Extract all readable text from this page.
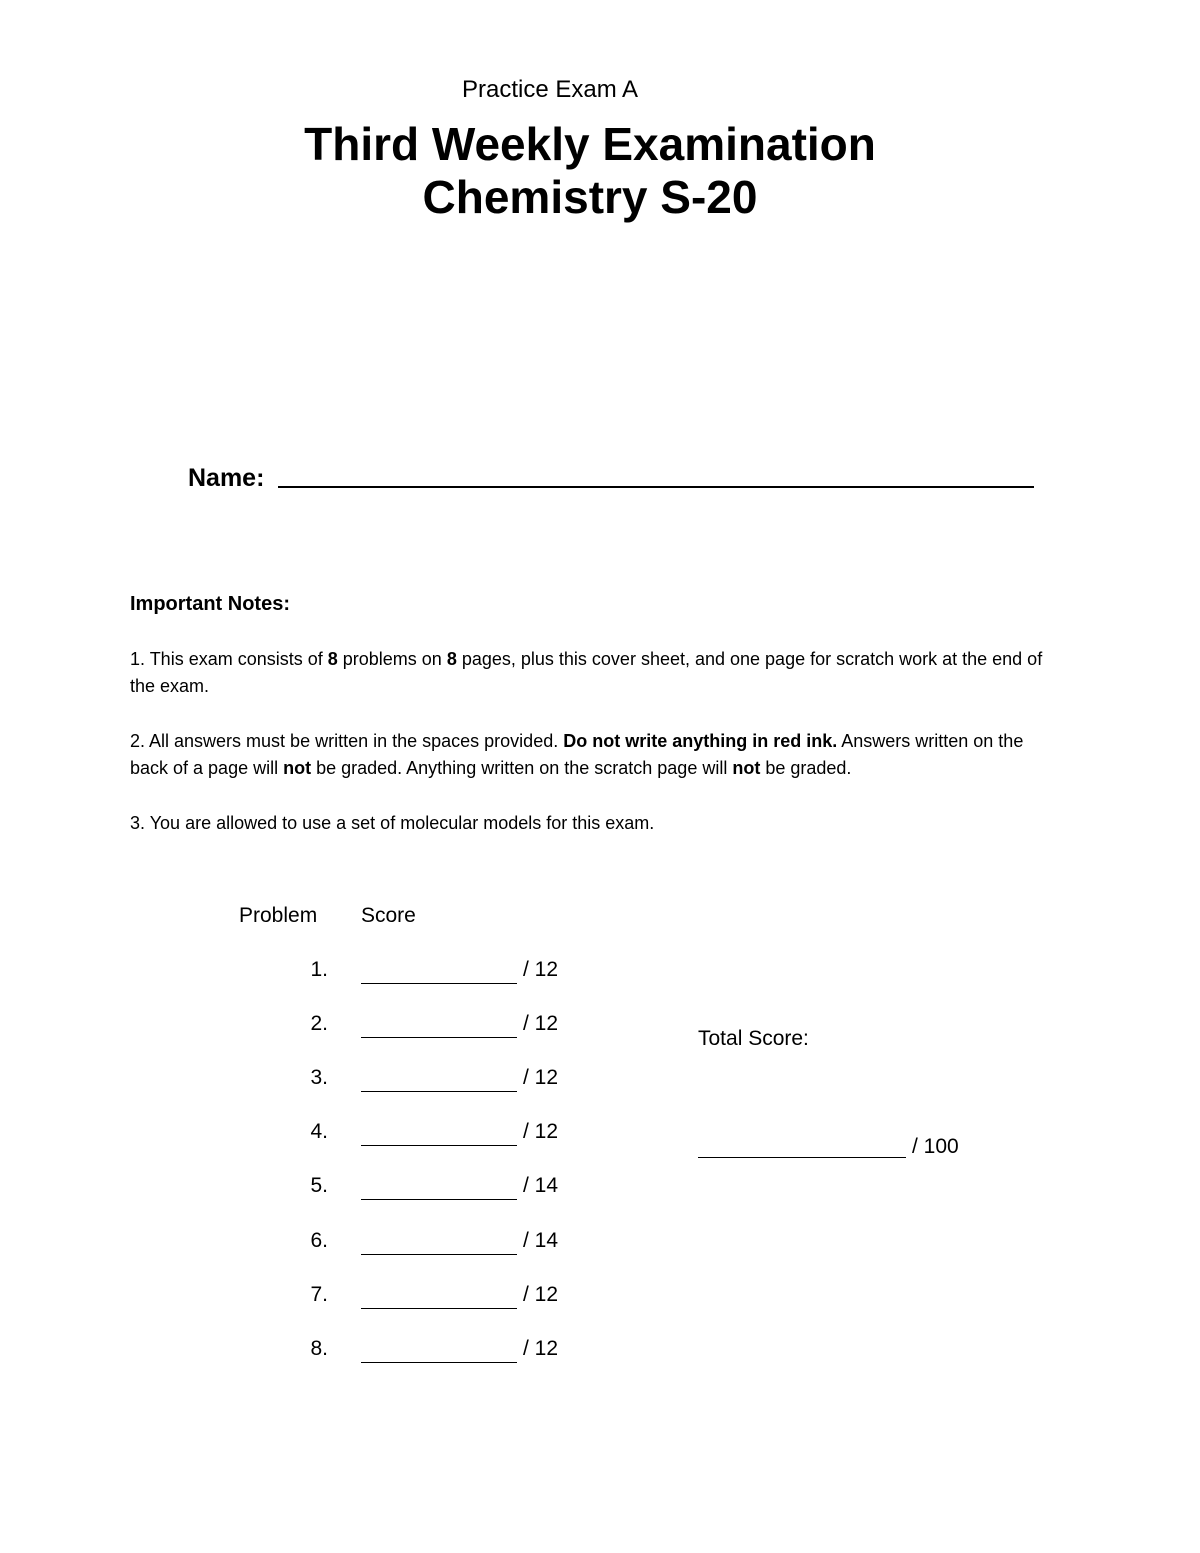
Practice Exam A
Third Weekly Examination
Chemistry S-20
Name:
Important Notes:
1. This exam consists of 8 problems on 8 pages, plus this cover sheet, and one page for scratch work at the end of the exam.
2. All answers must be written in the spaces provided. Do not write anything in red ink. Answers written on the back of a page will not be graded. Anything written on the scratch page will not be graded.
3. You are allowed to use a set of molecular models for this exam.
Problem Score
1.	/ 12
2.	/ 12
3.	/ 12
4.	/ 12
5.	/ 14
6.	/ 14
7.	/ 12
8.	/ 12
Total Score:
/ 100
